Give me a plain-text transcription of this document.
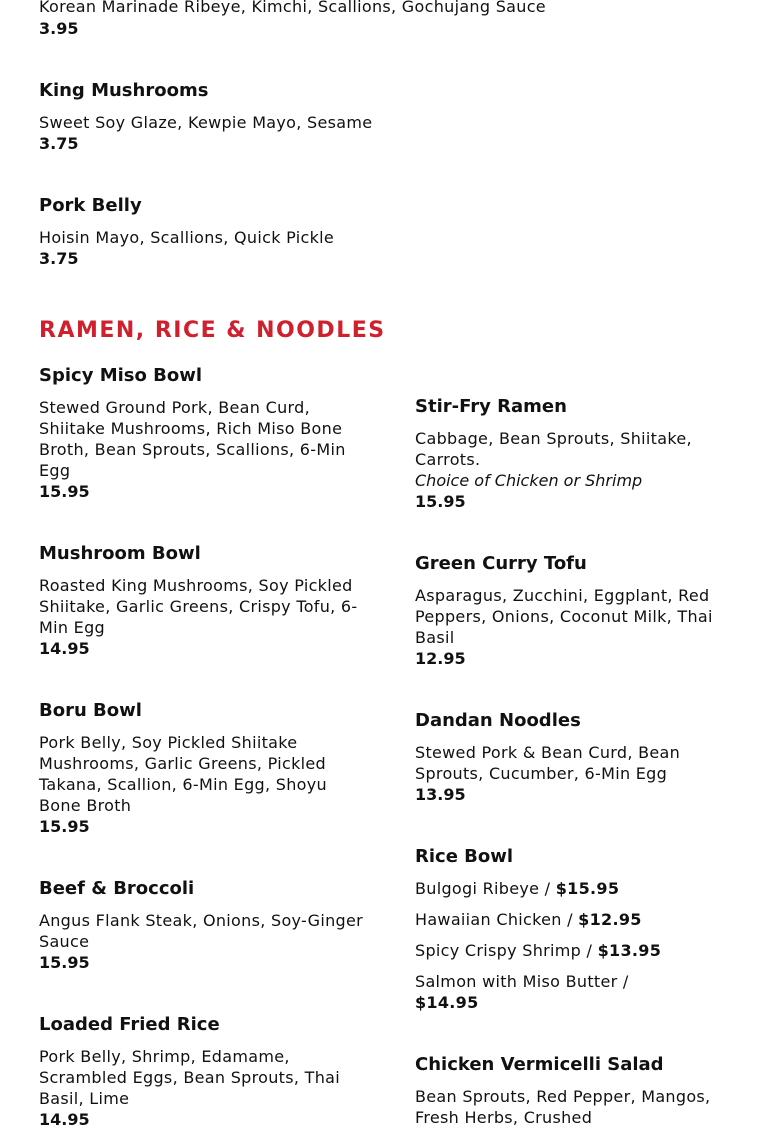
Korean Marinade Ribeye, Kimchi, Scallions, Gochujang Sauce
3.95
King Mushrooms
Sweet Soy Glaze, Kewpie Mayo, Sesame
3.75
Pork Belly
Hoisin Mayo, Scallions, Quick Pickle
3.75
RAMEN, RICE & NOODLES
Spicy Miso Bowl
Stewed Ground Pork, Bean Curd, Shiitake Mushrooms, Rich Miso Bone Broth, Bean Sprouts, Scallions, 6-Min Egg
15.95
Mushroom Bowl
Roasted King Mushrooms, Soy Pickled Shiitake, Garlic Greens, Crispy Tofu, 6-Min Egg
14.95
Boru Bowl
Pork Belly, Soy Pickled Shiitake Mushrooms, Garlic Greens, Pickled Takana, Scallion, 6-Min Egg, Shoyu Bone Broth
15.95
Beef & Broccoli
Angus Flank Steak, Onions, Soy-Ginger Sauce
15.95
Loaded Fried Rice
Pork Belly, Shrimp, Edamame, Scrambled Eggs, Bean Sprouts, Thai Basil, Lime
14.95
Stir-Fry Ramen
Cabbage, Bean Sprouts, Shiitake, Carrots.
Choice of Chicken or Shrimp
15.95
Green Curry Tofu
Asparagus, Zucchini, Eggplant, Red Peppers, Onions, Coconut Milk, Thai Basil
12.95
Dandan Noodles
Stewed Pork & Bean Curd, Bean Sprouts, Cucumber, 6-Min Egg
13.95
Rice Bowl
Bulgogi Ribeye / $15.95
Hawaiian Chicken / $12.95
Spicy Crispy Shrimp / $13.95
Salmon with Miso Butter / $14.95
Chicken Vermicelli Salad
Bean Sprouts, Red Pepper, Mangos, Fresh Herbs, Crushed
